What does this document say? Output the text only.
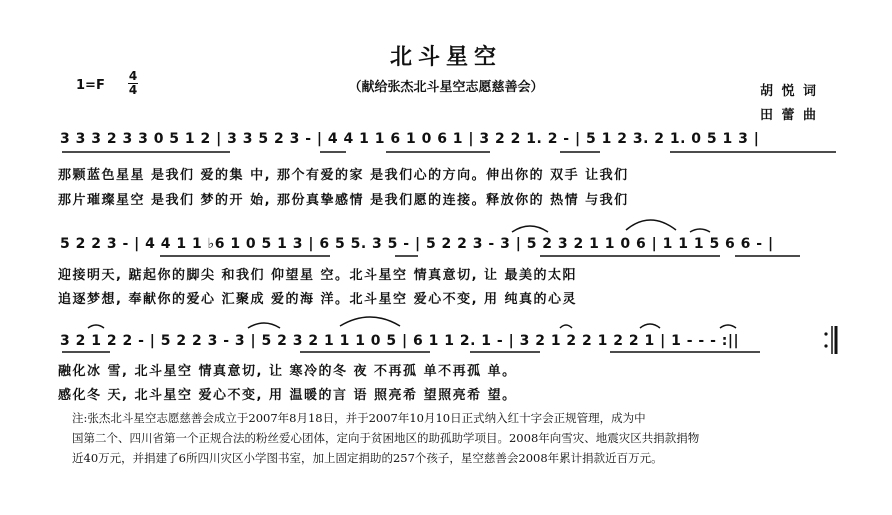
北斗星空
（献给张杰北斗星空志愿慈善会）
1=F
4
4	胡 悦 词
田 蕾 曲
3 3 3 2 3 3 0 5 1 2 | 3 3 5 2 3 - | 4 4 1 1 6 1 0 6 1 | 3 2 2 1. 2 - | 5 1 2 3. 2 1. 0 5 1 3 |
那颗蓝色星星 是我们 爱的集 中, 那个有爱的家 是我们心的方向。伸出你的 双手 让我们
那片璀璨星空 是我们 梦的开 始, 那份真挚感情 是我们愿的连接。释放你的 热情 与我们
5 2 2 3 - | 4 4 1 1 ♭6 1 0 5 1 3 | 6 5 5. 3 5 - | 5 2 2 3 - 3 | 5 2 3 2 1 1 0 6 | 1 1 1 5 6 6 - |
迎接明天, 踮起你的脚尖 和我们 仰望星 空。北斗星空 情真意切, 让 最美的太阳
追逐梦想, 奉献你的爱心 汇聚成 爱的海 洋。北斗星空 爱心不变, 用 纯真的心灵
3 2 1 2 2 - | 5 2 2 3 - 3 | 5 2 3 2 1 1 1 0 5 | 6 1 1 2. 1 - | 3 2 1 2 2 1 2 2 1 | 1 - - - :||
融化冰 雪, 北斗星空 情真意切, 让 寒冷的冬 夜 不再孤 单不再孤 单。
感化冬 天, 北斗星空 爱心不变, 用 温暖的言 语 照亮希 望照亮希 望。

注:张杰北斗星空志愿慈善会成立于2007年8月18日，并于2007年10月10日正式纳入红十字会正规管理，成为中

国第二个、四川省第一个正规合法的粉丝爱心团体，定向于贫困地区的助孤助学项目。2008年向雪灾、地震灾区共捐款捐物

近40万元，并捐建了6所四川灾区小学图书室，加上固定捐助的257个孩子，星空慈善会2008年累计捐款近百万元。
